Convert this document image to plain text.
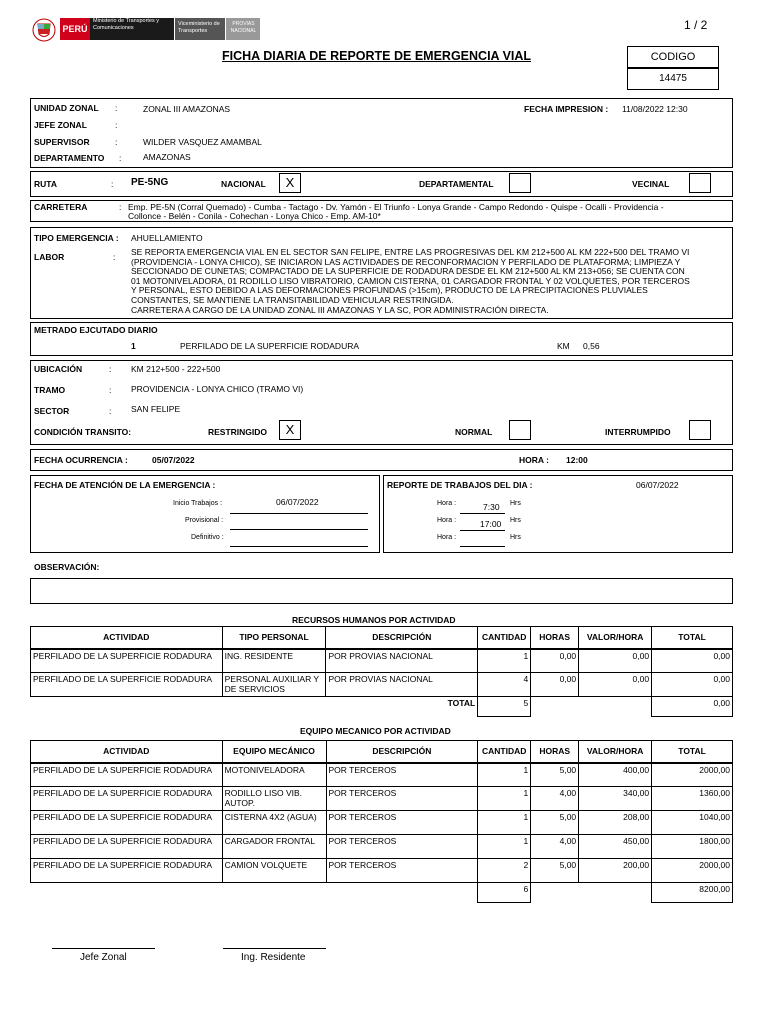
1 / 2
PERÚ
Ministerio de Transportes y Comunicaciones
Viceministerio de Transportes
PROVIAS NACIONAL
FICHA DIARIA DE REPORTE DE EMERGENCIA VIAL	CODIGO
14475
UNIDAD ZONAL :	ZONAL III AMAZONAS	FECHA IMPRESION : 11/08/2022 12:30
JEFE ZONAL	:
SUPERVISOR	:	WILDER VASQUEZ AMAMBAL
DEPARTAMENTO :	AMAZONAS
RUTA	: PE-5NG	NACIONAL	X	DEPARTAMENTAL	VECINAL
CARRETERA	: Emp. PE-5N (Corral Quemado) - Cumba - Tactago - Dv. Yamón - El Triunfo - Lonya Grande - Campo Redondo - Quispe - Ocalli - Providencia -
Collonce - Belén - Conila - Cohechan - Lonya Chico - Emp. AM-10*
TIPO EMERGENCIA : AHUELLAMIENTO
LABOR	: SE REPORTA EMERGENCIA VIAL EN EL SECTOR SAN FELIPE, ENTRE LAS PROGRESIVAS DEL KM 212+500 AL KM 222+500 DEL TRAMO VI
(PROVIDENCIA - LONYA CHICO), SE INICIARON LAS ACTIVIDADES DE RECONFORMACION Y PERFILADO DE PLATAFORMA; LIMPIEZA Y
SECCIONADO DE CUNETAS; COMPACTADO DE LA SUPERFICIE DE RODADURA DESDE EL KM 212+500 AL KM 213+056; SE CUENTA CON
01 MOTONIVELADORA, 01 RODILLO LISO VIBRATORIO, CAMION CISTERNA, 01 CARGADOR FRONTAL Y 02 VOLQUETES, POR TERCEROS
Y PERSONAL, ESTO DEBIDO A LAS DEFORMACIONES PROFUNDAS (>15cm), PRODUCTO DE LA PRECIPITACIONES PLUVIALES
CONSTANTES, SE MANTIENE LA TRANSITABILIDAD VEHICULAR RESTRINGIDA.
CARRETERA A CARGO DE LA UNIDAD ZONAL III AMAZONAS Y LA SC, POR ADMINISTRACIÓN DIRECTA.
METRADO EJCUTADO DIARIO
1	PERFILADO DE LA SUPERFICIE RODADURA	KM 0,56
UBICACIÓN	: KM 212+500 - 222+500
TRAMO	: PROVIDENCIA - LONYA CHICO (TRAMO VI)
SECTOR	: SAN FELIPE
CONDICIÓN TRANSITO:	RESTRINGIDO	X	NORMAL	INTERRUMPIDO
FECHA OCURRENCIA :	05/07/2022	HORA : 12:00
FECHA DE ATENCIÓN DE LA EMERGENCIA :
Inicio Trabajos :	06/07/2022
Provisional :
Definitivo :
REPORTE DE TRABAJOS DEL DIA :	06/07/2022
Hora :	7:30 Hrs
Hora :	17:00 Hrs
Hora :	Hrs
OBSERVACIÓN:
RECURSOS HUMANOS POR ACTIVIDAD
ACTIVIDAD	TIPO PERSONAL	DESCRIPCIÓN	CANTIDAD	HORAS	VALOR/HORA	TOTAL
PERFILADO DE LA SUPERFICIE RODADURA	ING. RESIDENTE	POR PROVIAS NACIONAL	1	0,00	0,00	0,00
PERFILADO DE LA SUPERFICIE RODADURA	PERSONAL AUXILIAR Y DE SERVICIOS	POR PROVIAS NACIONAL	4	0,00	0,00	0,00
TOTAL			5			0,00
EQUIPO MECANICO POR ACTIVIDAD
ACTIVIDAD	EQUIPO MECÁNICO	DESCRIPCIÓN	CANTIDAD	HORAS	VALOR/HORA	TOTAL
PERFILADO DE LA SUPERFICIE RODADURA	MOTONIVELADORA	POR TERCEROS	1	5,00	400,00	2000,00
PERFILADO DE LA SUPERFICIE RODADURA	RODILLO LISO VIB. AUTOP.	POR TERCEROS	1	4,00	340,00	1360,00
PERFILADO DE LA SUPERFICIE RODADURA	CISTERNA 4X2 (AGUA)	POR TERCEROS	1	5,00	208,00	1040,00
PERFILADO DE LA SUPERFICIE RODADURA	CARGADOR FRONTAL	POR TERCEROS	1	4,00	450,00	1800,00
PERFILADO DE LA SUPERFICIE RODADURA	CAMION VOLQUETE	POR TERCEROS	2	5,00	200,00	2000,00
			6			8200,00
Jefe Zonal	Ing. Residente
